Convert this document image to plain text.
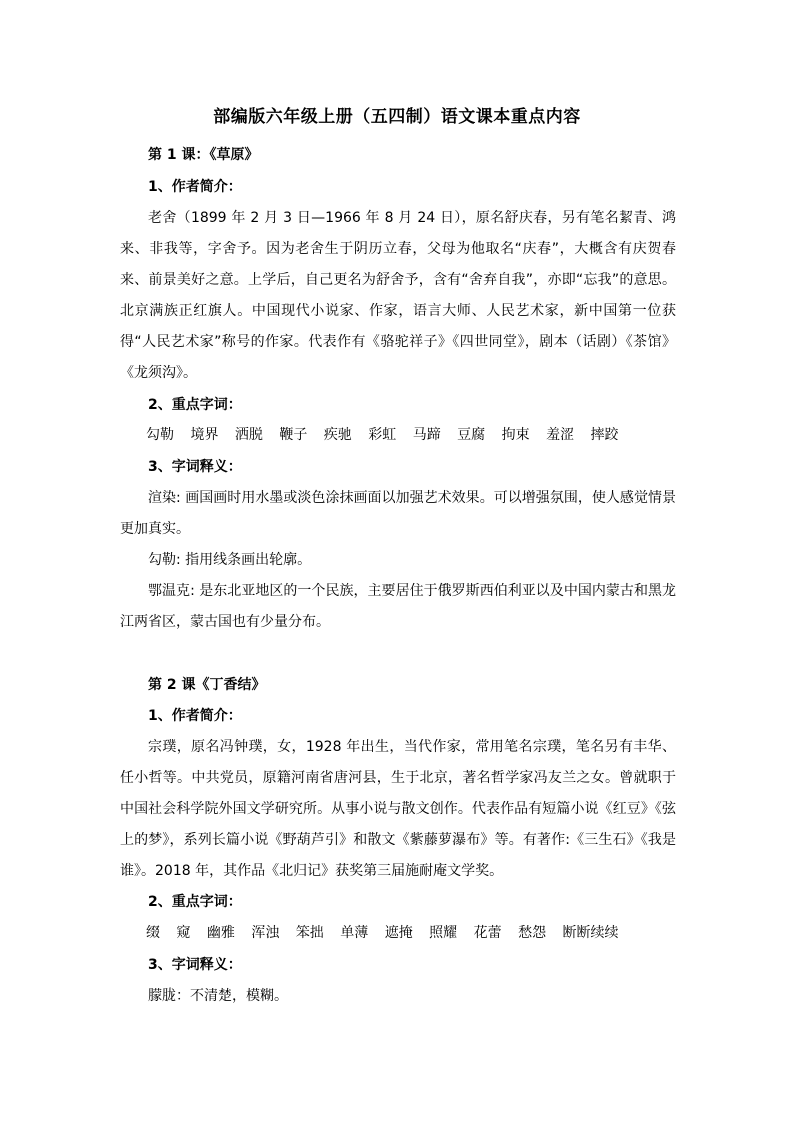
部编版六年级上册（五四制）语文课本重点内容
第 1 课：《草原》
1、作者简介：
老舍（1899 年 2 月 3 日—1966 年 8 月 24 日），原名舒庆春，另有笔名絜青、鸿来、非我等，字舍予。因为老舍生于阴历立春，父母为他取名“庆春”，大概含有庆贺春来、前景美好之意。上学后，自己更名为舒舍予，含有“舍弃自我”，亦即“忘我”的意思。北京满族正红旗人。中国现代小说家、作家，语言大师、人民艺术家，新中国第一位获得“人民艺术家”称号的作家。代表作有《骆驼祥子》《四世同堂》，剧本（话剧）《茶馆》《龙须沟》。
2、重点字词：
勾勒 境界 洒脱 鞭子 疾驰 彩虹 马蹄 豆腐 拘束 羞涩 摔跤
3、字词释义：
渲染: 画国画时用水墨或淡色涂抹画面以加强艺术效果。可以增强氛围，使人感觉情景更加真实。
勾勒: 指用线条画出轮廓。
鄂温克: 是东北亚地区的一个民族，主要居住于俄罗斯西伯利亚以及中国内蒙古和黑龙江两省区，蒙古国也有少量分布。
第 2 课《丁香结》
1、作者简介：
宗璞，原名冯钟璞，女，1928 年出生，当代作家，常用笔名宗璞，笔名另有丰华、任小哲等。中共党员，原籍河南省唐河县，生于北京，著名哲学家冯友兰之女。曾就职于中国社会科学院外国文学研究所。从事小说与散文创作。代表作品有短篇小说《红豆》《弦上的梦》，系列长篇小说《野葫芦引》和散文《紫藤萝瀑布》等。有著作:《三生石》《我是谁》。2018 年，其作品《北归记》获奖第三届施耐庵文学奖。
2、重点字词：
缀 窥 幽雅 浑浊 笨拙 单薄 遮掩 照耀 花蕾 愁怨 断断续续
3、字词释义：
朦胧：不清楚，模糊。
